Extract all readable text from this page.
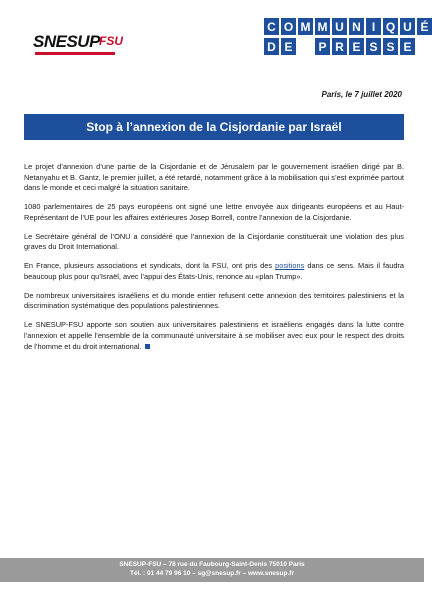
SNESUP FSU
C O M M U N I Q U É
D E P R E S S E
Paris, le 7 juillet 2020
Stop à l’annexion de la Cisjordanie par Israël

Le projet d’annexion d’une partie de la Cisjordanie et de Jérusalem par le gouvernement israélien dirigé par B. Netanyahu et B. Gantz, le premier juillet, a été retardé, notamment grâce à la mobilisation qui s’est exprimée partout dans le monde et ceci malgré la situation sanitaire.

1080 parlementaires de 25 pays européens ont signé une lettre envoyée aux dirigeants européens et au Haut-Représentant de l’UE pour les affaires extérieures Josep Borrell, contre l’annexion de la Cisjordanie.

Le Secrétaire général de l’ONU a considéré que l’annexion de la Cisjordanie constituerait une violation des plus graves du Droit International.

En France, plusieurs associations et syndicats, dont la FSU, ont pris des positions dans ce sens. Mais il faudra beaucoup plus pour qu’Israël, avec l’appui des États-Unis, renonce au «plan Trump».

De nombreux universitaires israéliens et du monde entier refusent cette annexion des territoires palestiniens et la discrimination systématique des populations palestiniennes.

Le SNESUP-FSU apporte son soutien aux universitaires palestiniens et israéliens engagés dans la lutte contre l’annexion et appelle l’ensemble de la communauté universitaire à se mobiliser avec eux pour le respect des droits de l’homme et du droit international.

SNESUP-FSU – 78 rue du Faubourg-Saint-Denis 75010 Paris
Tél. : 01 44 79 96 10 – sg@snesup.fr – www.snesup.fr
